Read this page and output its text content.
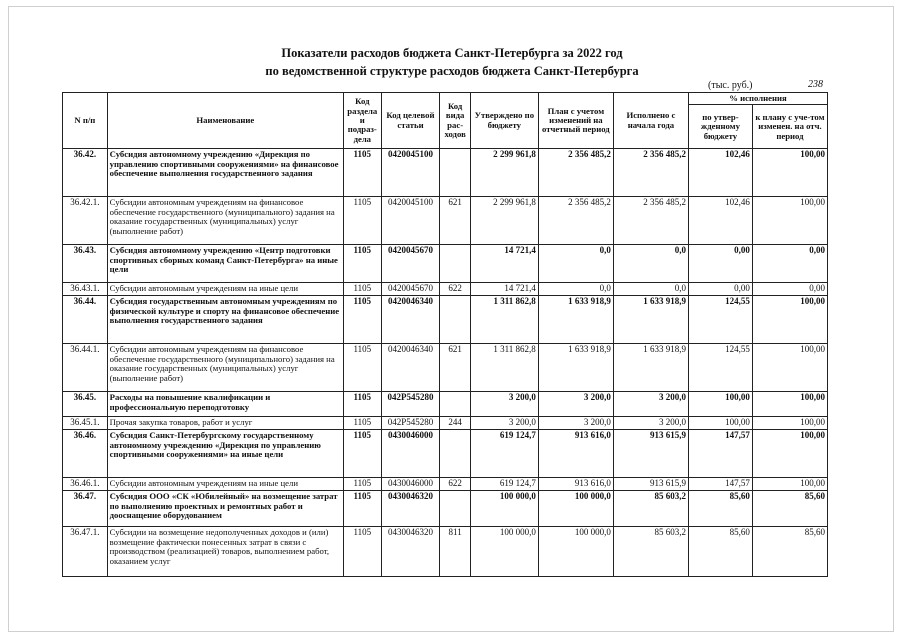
Показатели расходов бюджета Санкт-Петербурга за 2022 год
по ведомственной структуре расходов бюджета Санкт-Петербурга
(тыс. руб.)	238
N п/п	Наименование	Код раздела и подраз-дела	Код целевой статьи	Код вида рас-ходов	Утверждено по бюджету	План с учетом изменений на отчетный период	Исполнено с начала года	% исполнения	
								по утвер-жденному бюджету	к плану с уче-том изменен. на отч. период
36.42.	Субсидия автономному учреждению «Дирекция по управлению спортивными сооружениями» на финансовое обеспечение выполнения государственного задания	1105	0420045100		2 299 961,8	2 356 485,2	2 356 485,2	102,46	100,00
36.42.1.	Субсидии автономным учреждениям на финансовое обеспечение государственного (муниципального) задания на оказание государственных (муниципальных) услуг (выполнение работ)	1105	0420045100	621	2 299 961,8	2 356 485,2	2 356 485,2	102,46	100,00
36.43.	Субсидия автономному учреждению «Центр подготовки спортивных сборных команд Санкт-Петербурга» на иные цели	1105	0420045670		14 721,4	0,0	0,0	0,00	0,00
36.43.1.	Субсидии автономным учреждениям на иные цели	1105	0420045670	622	14 721,4	0,0	0,0	0,00	0,00
36.44.	Субсидия государственным автономным учреждениям по физической культуре и спорту на финансовое обеспечение выполнения государственного задания	1105	0420046340		1 311 862,8	1 633 918,9	1 633 918,9	124,55	100,00
36.44.1.	Субсидии автономным учреждениям на финансовое обеспечение государственного (муниципального) задания на оказание государственных (муниципальных) услуг (выполнение работ)	1105	0420046340	621	1 311 862,8	1 633 918,9	1 633 918,9	124,55	100,00
36.45.	Расходы на повышение квалификации и профессиональную переподготовку	1105	042P545280		3 200,0	3 200,0	3 200,0	100,00	100,00
36.45.1.	Прочая закупка товаров, работ и услуг	1105	042P545280	244	3 200,0	3 200,0	3 200,0	100,00	100,00
36.46.	Субсидия Санкт-Петербургскому государственному автономному учреждению «Дирекция по управлению спортивными сооружениями» на иные цели	1105	0430046000		619 124,7	913 616,0	913 615,9	147,57	100,00
36.46.1.	Субсидии автономным учреждениям на иные цели	1105	0430046000	622	619 124,7	913 616,0	913 615,9	147,57	100,00
36.47.	Субсидия ООО «СК «Юбилейный» на возмещение затрат по выполнению проектных и ремонтных работ и дооснащение оборудованием	1105	0430046320		100 000,0	100 000,0	85 603,2	85,60	85,60
36.47.1.	Субсидии на возмещение недополученных доходов и (или) возмещение фактически понесенных затрат в связи с производством (реализацией) товаров, выполнением работ, оказанием услуг	1105	0430046320	811	100 000,0	100 000,0	85 603,2	85,60	85,60
